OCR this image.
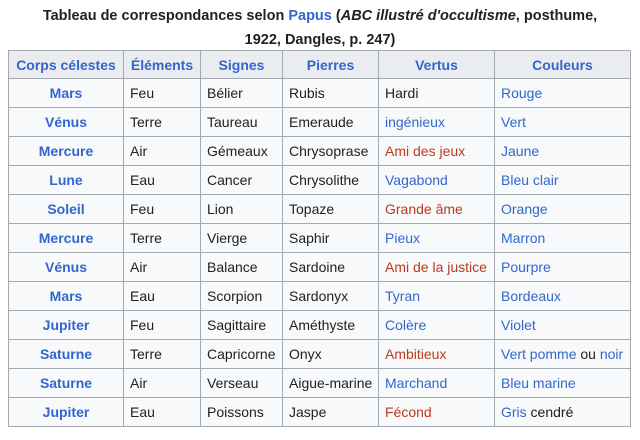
Tableau de correspondances selon Papus (ABC illustré d'occultisme, posthume,
1922, Dangles, p. 247)
Corps célestes	Éléments	Signes	Pierres	Vertus	Couleurs
Mars	Feu	Bélier	Rubis	Hardi	Rouge
Vénus	Terre	Taureau	Emeraude	ingénieux	Vert
Mercure	Air	Gémeaux	Chrysoprase	Ami des jeux	Jaune
Lune	Eau	Cancer	Chrysolithe	Vagabond	Bleu clair
Soleil	Feu	Lion	Topaze	Grande âme	Orange
Mercure	Terre	Vierge	Saphir	Pieux	Marron
Vénus	Air	Balance	Sardoine	Ami de la justice	Pourpre
Mars	Eau	Scorpion	Sardonyx	Tyran	Bordeaux
Jupiter	Feu	Sagittaire	Améthyste	Colère	Violet
Saturne	Terre	Capricorne	Onyx	Ambitieux	Vert pomme ou noir
Saturne	Air	Verseau	Aigue-marine	Marchand	Bleu marine
Jupiter	Eau	Poissons	Jaspe	Fécond	Gris cendré
